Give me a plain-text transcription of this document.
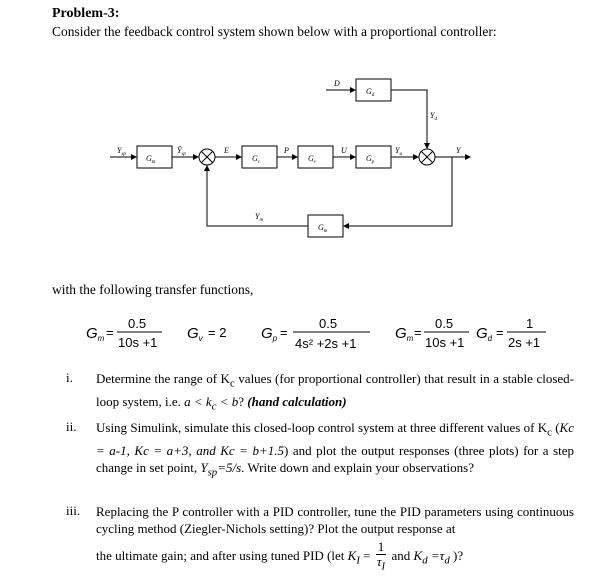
Problem-3:
Consider the feedback control system shown below with a proportional controller:
$G_m$	$G_c$	$G_v$	$G_p$
$G_d$
$G_m$
$Y_{sp}$	Ỹ$_{sp}$	E	P	U
D
$Y_u$
$Y_d$
Y
$Y_m$
with the following transfer functions,
$G_m$ =
0.5
10s +1
$G_v = 2$ $G_p$ =
0.5
4s² +2s +1
$G_m$ =
0.5
10s +1
$G_d$ =
1
2s +1
i. Determine the range of $K_c$ values (for proportional controller) that result in a stable closed-loop system, i.e. $a < k_c < b$? (hand calculation)
ii. Using Simulink, simulate this closed-loop control system at three different values of $K_c$ (Kc = a-1, Kc = a+3, and Kc = b+1.5) and plot the output responses (three plots) for a step change in set point, $Y_{sp}=5/s$. Write down and explain your observations?
iii. Replacing the P controller with a PID controller, tune the PID parameters using continuous cycling method (Ziegler-Nichols setting)? Plot the output response at
the ultimate gain; and after using tuned PID (let $K_I = \frac{1}{\tau_I}$ and $K_d =\tau_d$ )?
